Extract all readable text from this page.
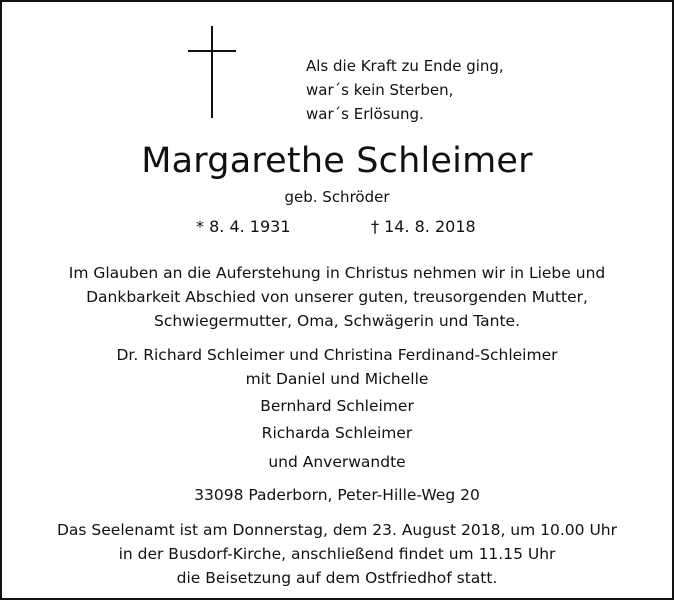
Als die Kraft zu Ende ging,
war´s kein Sterben,
war´s Erlösung.
Margarethe Schleimer
geb. Schröder
* 8. 4. 1931	† 14. 8. 2018
Im Glauben an die Auferstehung in Christus nehmen wir in Liebe und
Dankbarkeit Abschied von unserer guten, treusorgenden Mutter,
Schwiegermutter, Oma, Schwägerin und Tante.
Dr. Richard Schleimer und Christina Ferdinand-Schleimer
mit Daniel und Michelle
Bernhard Schleimer
Richarda Schleimer
und Anverwandte
33098 Paderborn, Peter-Hille-Weg 20
Das Seelenamt ist am Donnerstag, dem 23. August 2018, um 10.00 Uhr
in der Busdorf-Kirche, anschließend findet um 11.15 Uhr
die Beisetzung auf dem Ostfriedhof statt.
